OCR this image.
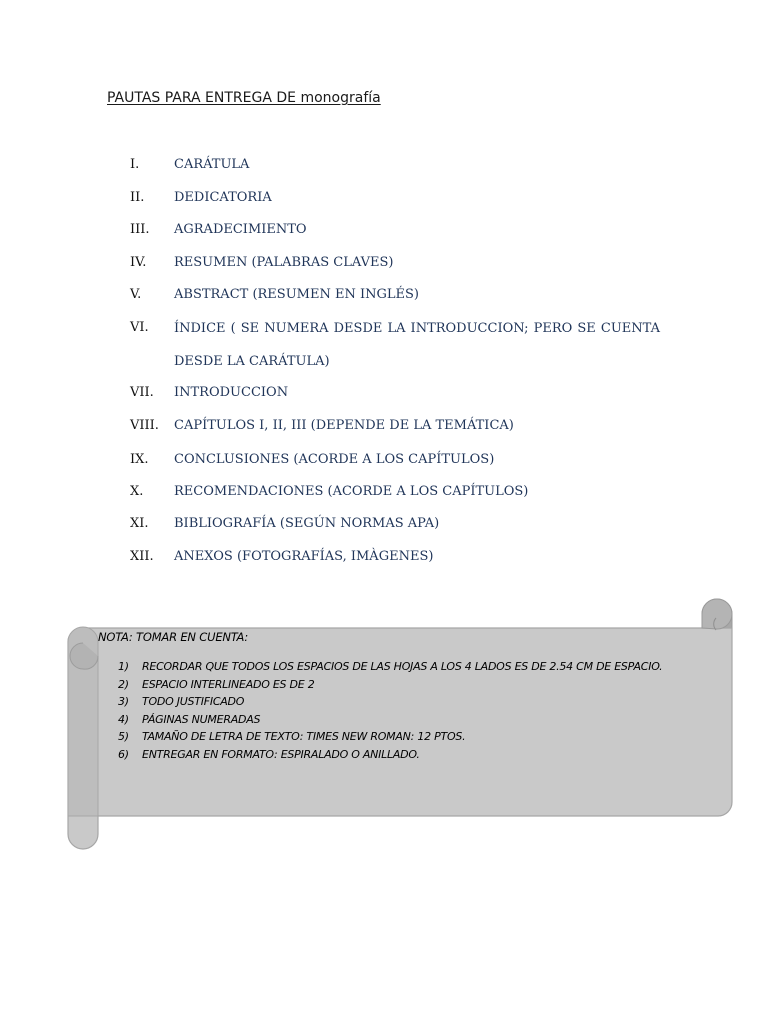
PAUTAS PARA ENTREGA DE monografía
I.	CARÁTULA
II. DEDICATORIA
III. AGRADECIMIENTO
IV. RESUMEN (PALABRAS CLAVES)
V.	ABSTRACT (RESUMEN EN INGLÉS)
VI. ÍNDICE ( SE NUMERA DESDE LA INTRODUCCION; PERO SE CUENTA
DESDE LA CARÁTULA)
VII. INTRODUCCION
VIII. CAPÍTULOS I, II, III (DEPENDE DE LA TEMÁTICA)
IX. CONCLUSIONES (ACORDE A LOS CAPÍTULOS)
X. RECOMENDACIONES (ACORDE A LOS CAPÍTULOS)
XI. BIBLIOGRAFÍA (SEGÚN NORMAS APA)
XII. ANEXOS (FOTOGRAFÍAS, IMÀGENES)
NOTA: TOMAR EN CUENTA:
1) RECORDAR QUE TODOS LOS ESPACIOS DE LAS HOJAS A LOS 4 LADOS ES DE 2.54 CM DE ESPACIO.
2) ESPACIO INTERLINEADO ES DE 2
3) TODO JUSTIFICADO
4) PÁGINAS NUMERADAS
5) TAMAÑO DE LETRA DE TEXTO: TIMES NEW ROMAN: 12 PTOS.
6) ENTREGAR EN FORMATO: ESPIRALADO O ANILLADO.
